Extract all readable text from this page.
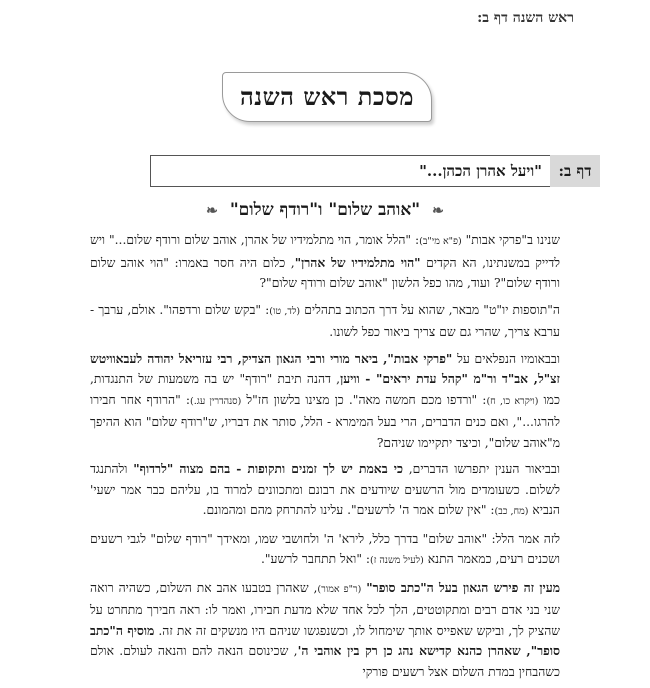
ראש השנה דף ב:
מסכת ראש השנה
דף ב:
"ויעל אהרן הכהן..."
❧ "אוהב שלום" ו"רודף שלום" ❧

שנינו ב"פרקי אבות" (פ"א מי"ב): "הלל אומר, הוי מתלמידיו של אהרן, אוהב שלום ורודף שלום..." ויש לדייק במשנתינו, הא הקדים "הוי מתלמידיו של אהרן", כלום היה חסר באמרו: "הוי אוהב שלום ורודף שלום"? ועוד, מהו כפל הלשון "אוהב שלום ורודף שלום"?

ה"תוספות יו"ט" מבאר, שהוא על דרך הכתוב בתהלים (לד, טו): "בקש שלום ורדפהו". אולם, ערבך - ערבא צריך, שהרי גם שם צריך ביאור כפל לשונו.

ובבאומיו הנפלאים על "פרקי אבות", ביאר מורי ורבי הגאון הצדיק, רבי עזריאל יהודה לעבאוויטש זצ"ל, אב"ד ור"מ "קהל עדת יראים" - וויען, דהנה תיבת "רודף" יש בה משמעות של התנגדות, כמו (ויקרא כו, ח): "ורדפו מכם חמשה מאה". כן מצינו בלשון חז"ל (סנהדרין עג.): "הרודף אחר חבירו להרגו...", ואם כנים הדברים, הרי בעל המימרא - הלל, סותר את דבריו, ש"רודף שלום" הוא ההיפך מ"אוהב שלום", וכיצד יתקיימו שניהם?

ובביאור הענין יתפרשו הדברים, כי באמת יש לך זמנים ותקופות - בהם מצוה "לרדוף" ולהתנגד לשלום. כשעומדים מול הרשעים שיודעים את רבונם ומתכוונים למרוד בו, עליהם כבר אמר ישעי' הנביא (מח, כב): "אין שלום אמר ה' לרשעים". עלינו להתרחק מהם ומהמונם.

לזה אמר הלל: "אוהב שלום" בדרך כלל, לירא' ה' ולחושבי שמו, ומאידך "רודף שלום" לגבי רשעים ושכנים רעים, כמאמר התנא (לעיל משנה ז): "ואל תתחבר לרשע".

מעין זה פירש הגאון בעל ה"כתב סופר" (ר"פ אמור), שאהרן בטבעו אהב את השלום, כשהיה רואה שני בני אדם רבים ומתקוטטים, הלך לכל אחד שלא מדעת חבירו, ואמר לו: ראה חבירך מתחרט על שהציק לך, וביקש שאפייס אותך שימחול לו, וכשנפגשו שניהם היו מנשקים זה את זה. מוסיף ה"כתב סופר", שאהרן כהנא קדישא נהג כן רק בין אוהבי ה', שכינוסם הנאה להם והנאה לעולם. אולם כשהבחין במדת השלום אצל רשעים פורקי
